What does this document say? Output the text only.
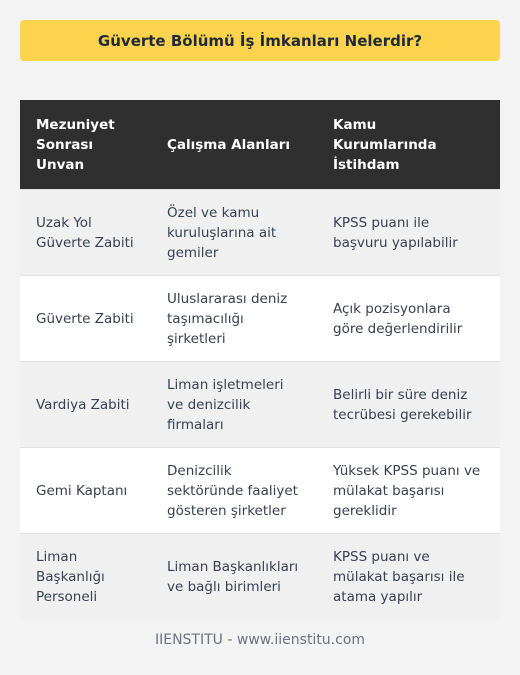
Güverte Bölümü İş İmkanları Nelerdir?
Mezuniyet Sonrası Unvan	Çalışma Alanları	Kamu Kurumlarında İstihdam
Uzak Yol Güverte Zabiti	Özel ve kamu kuruluşlarına ait gemiler	KPSS puanı ile başvuru yapılabilir
Güverte Zabiti	Uluslararası deniz taşımacılığı şirketleri	Açık pozisyonlara göre değerlendirilir
Vardiya Zabiti	Liman işletmeleri ve denizcilik firmaları	Belirli bir süre deniz tecrübesi gerekebilir
Gemi Kaptanı	Denizcilik sektöründe faaliyet gösteren şirketler	Yüksek KPSS puanı ve mülakat başarısı gereklidir
Liman Başkanlığı Personeli	Liman Başkanlıkları ve bağlı birimleri	KPSS puanı ve mülakat başarısı ile atama yapılır
IIENSTITU - www.iienstitu.com
